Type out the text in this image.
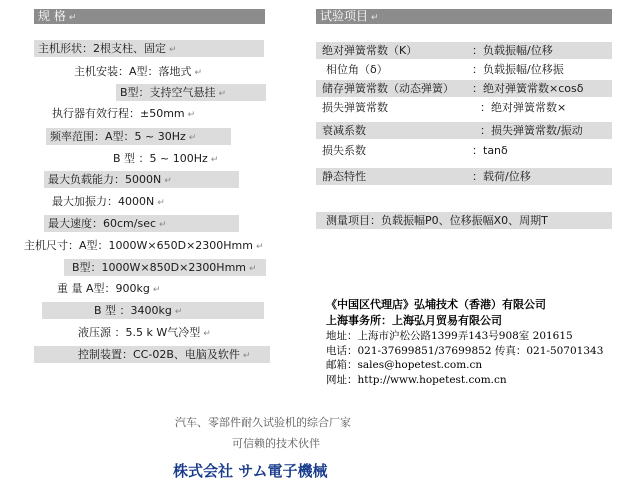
规 格 ↵
主机形状：2根支柱、固定 ↵
主机安装：A型：落地式 ↵
B型：支持空气悬挂 ↵
执行器有效行程：±50mm ↵
频率范围：A型：5 ~ 30Hz ↵
B 型 ：5 ~ 100Hz ↵
最大负载能力：5000N ↵
最大加振力：4000N ↵
最大速度：60cm/sec ↵
主机尺寸：A型：1000W×650D×2300Hmm ↵
B型：1000W×850D×2300Hmm ↵
重 量 A型：900kg ↵
B 型 ：3400kg ↵
液压源 ：5.5 k W气冷型 ↵
控制装置：CC-02B、电脑及软件 ↵
试验项目 ↵
绝对弹簧常数（K）	：负载振幅/位移
相位角（δ）	：负载振幅/位移振
储存弹簧常数（动态弹簧） ：绝对弹簧常数×cosδ
损失弹簧常数	：绝对弹簧常数×
衰减系数	：损失弹簧常数/振动
损失系数	：tanδ
静态特性	：载荷/位移
测量项目：负载振幅P0、位移振幅X0、周期T
《中国区代理店》弘埔技术（香港）有限公司
上海事务所：上海弘月贸易有限公司
地址：上海市沪松公路1399弄143号908室 201615
电话：021-37699851/37699852 传真：021-50701343
邮箱：sales@hopetest.com.cn
网址：http://www.hopetest.com.cn
汽车、零部件耐久试验机的综合厂家
可信赖的技术伙伴
株式会社 サム電子機械
